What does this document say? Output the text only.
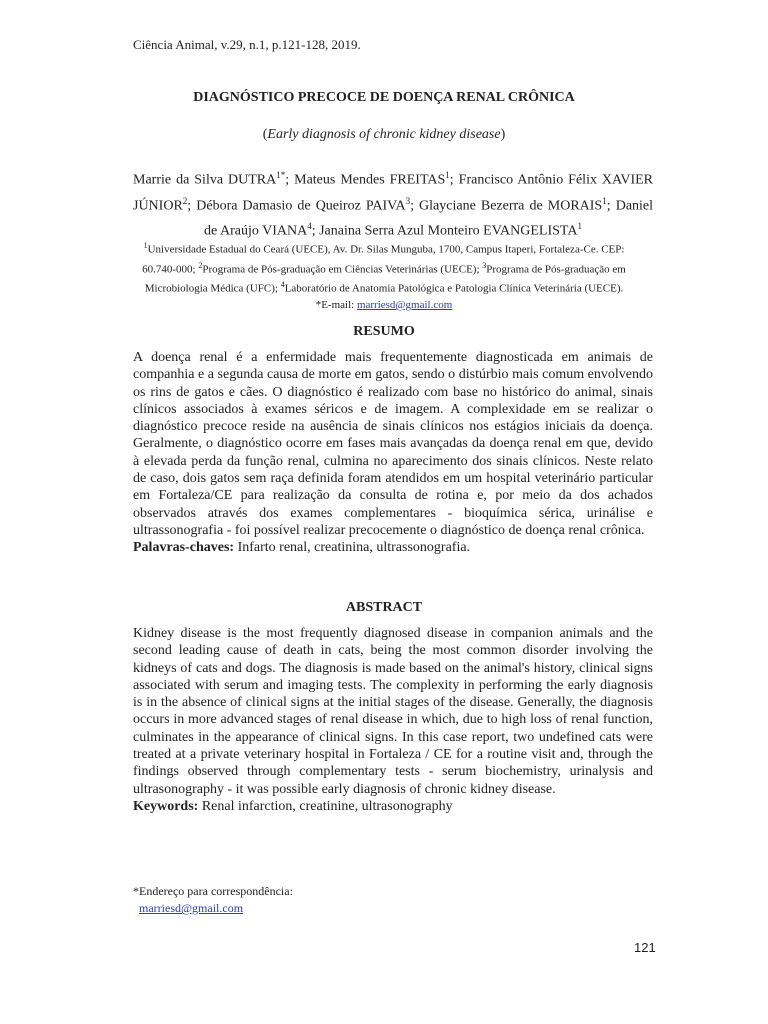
Ciência Animal, v.29, n.1, p.121-128, 2019.
DIAGNÓSTICO PRECOCE DE DOENÇA RENAL CRÔNICA
(Early diagnosis of chronic kidney disease)
Marrie da Silva $DUTRA^{1*}$; Mateus Mendes FREITAS$^1$; Francisco Antônio Félix XAVIER JÚNIOR$^2$; Débora Damasio de Queiroz PAIVA$^3$; Glayciane Bezerra de MORAIS$^1$; Daniel de Araújo VIANA$^4$; Janaina Serra Azul Monteiro EVANGELISTA$^1$
$^1$Universidade Estadual do Ceará (UECE), Av. Dr. Silas Munguba, 1700, Campus Itaperi, Fortaleza-Ce. CEP: 60.740-000; $^2$Programa de Pós-graduação em Ciências Veterinárias (UECE); $^3$Programa de Pós-graduação em Microbiologia Médica (UFC); $^4$Laboratório de Anatomia Patológica e Patologia Clínica Veterinária (UECE). *E-mail: marriesd@gmail.com
RESUMO
A doença renal é a enfermidade mais frequentemente diagnosticada em animais de companhia e a segunda causa de morte em gatos, sendo o distúrbio mais comum envolvendo os rins de gatos e cães. O diagnóstico é realizado com base no histórico do animal, sinais clínicos associados à exames séricos e de imagem. A complexidade em se realizar o diagnóstico precoce reside na ausência de sinais clínicos nos estágios iniciais da doença. Geralmente, o diagnóstico ocorre em fases mais avançadas da doença renal em que, devido à elevada perda da função renal, culmina no aparecimento dos sinais clínicos. Neste relato de caso, dois gatos sem raça definida foram atendidos em um hospital veterinário particular em Fortaleza/CE para realização da consulta de rotina e, por meio da dos achados observados através dos exames complementares - bioquímica sérica, urinálise e ultrassonografia - foi possível realizar precocemente o diagnóstico de doença renal crônica.
Palavras-chaves: Infarto renal, creatinina, ultrassonografia.
ABSTRACT
Kidney disease is the most frequently diagnosed disease in companion animals and the second leading cause of death in cats, being the most common disorder involving the kidneys of cats and dogs. The diagnosis is made based on the animal's history, clinical signs associated with serum and imaging tests. The complexity in performing the early diagnosis is in the absence of clinical signs at the initial stages of the disease. Generally, the diagnosis occurs in more advanced stages of renal disease in which, due to high loss of renal function, culminates in the appearance of clinical signs. In this case report, two undefined cats were treated at a private veterinary hospital in Fortaleza / CE for a routine visit and, through the findings observed through complementary tests - serum biochemistry, urinalysis and ultrasonography - it was possible early diagnosis of chronic kidney disease.
Keywords: Renal infarction, creatinine, ultrasonography
*Endereço para correspondência:
marriesd@gmail.com
121
